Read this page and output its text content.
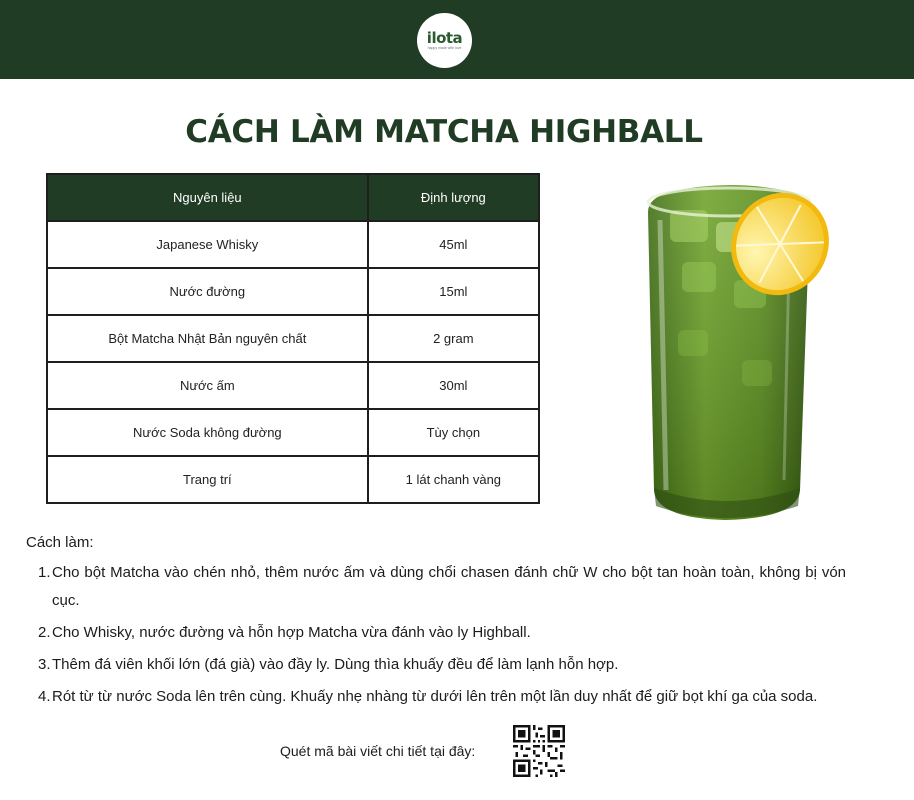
ilota
happy made with love
CÁCH LÀM MATCHA HIGHBALL
Nguyên liệu	Định lượng
Japanese Whisky	45ml
Nước đường	15ml
Bột Matcha Nhật Bản nguyên chất	2 gram
Nước ấm	30ml
Nước Soda không đường	Tùy chọn
Trang trí	1 lát chanh vàng
Cách làm:
1. Cho bột Matcha vào chén nhỏ, thêm nước ấm và dùng chổi chasen đánh chữ W cho bột tan hoàn toàn, không bị vón cục.
2. Cho Whisky, nước đường và hỗn hợp Matcha vừa đánh vào ly Highball.
3. Thêm đá viên khối lớn (đá già) vào đầy ly. Dùng thìa khuấy đều để làm lạnh hỗn hợp.
4. Rót từ từ nước Soda lên trên cùng. Khuấy nhẹ nhàng từ dưới lên trên một lần duy nhất để giữ bọt khí ga của soda.
Quét mã bài viết chi tiết tại đây:
